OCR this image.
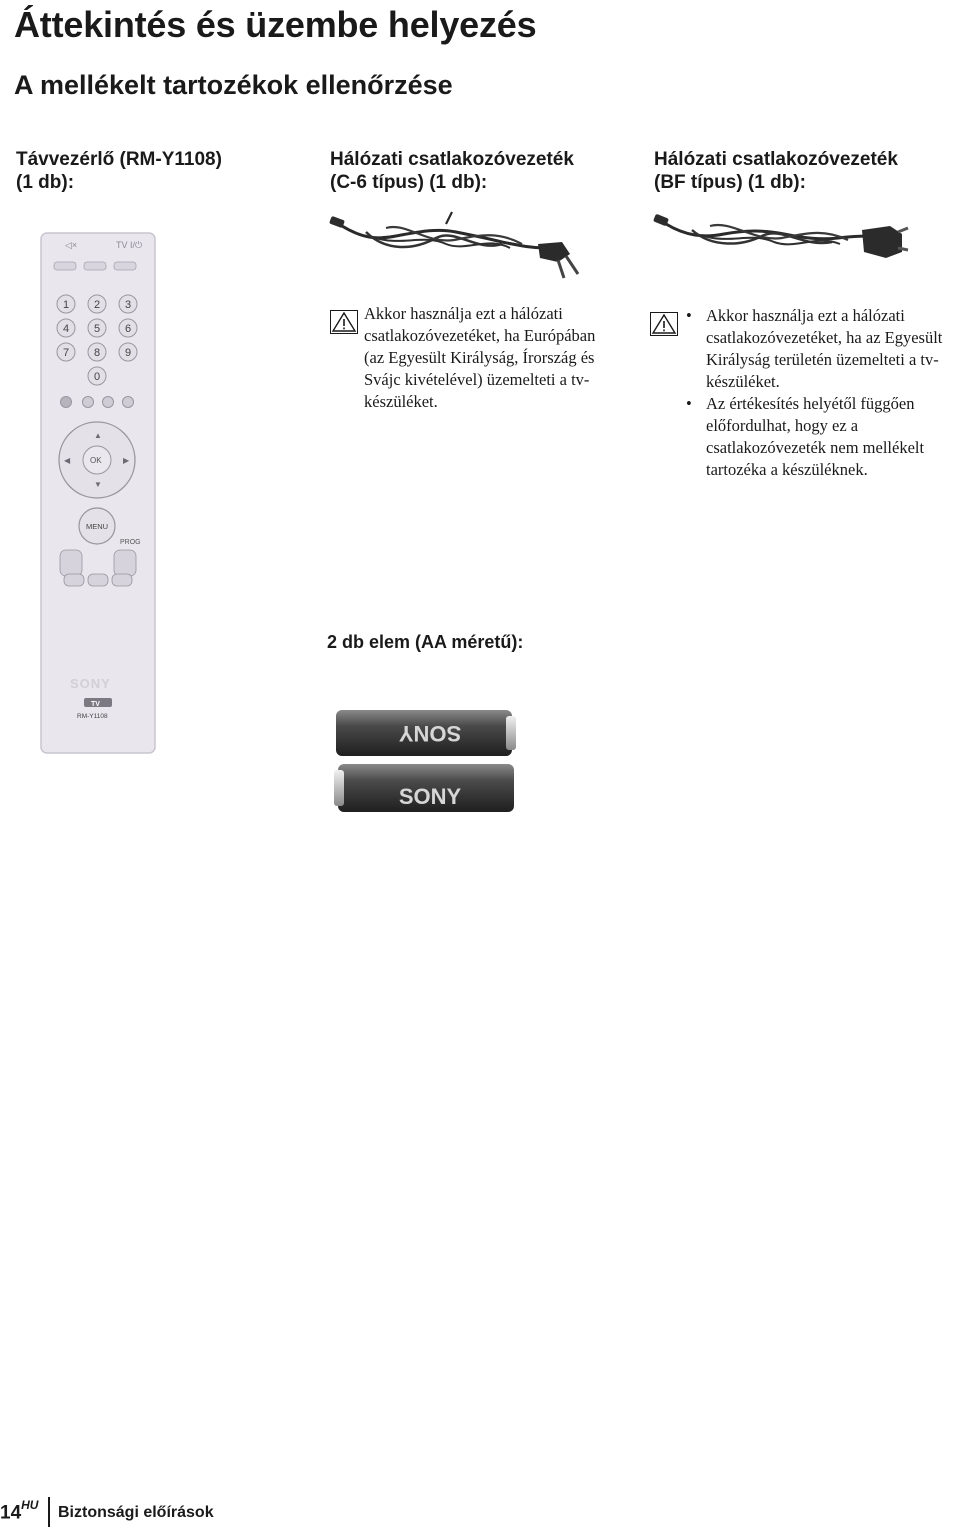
Áttekintés és üzembe helyezés
A mellékelt tartozékok ellenőrzése
Távvezérlő (RM-Y1108)
(1 db):
Hálózati csatlakozóvezeték
(C-6 típus) (1 db):
Hálózati csatlakozóvezeték
(BF típus) (1 db):
◁×	TV I/⏻
1 2 3
4 5 6
7 8 9
0
OK
▲
▼
◀	▶
MENU
PROG
SONY
TV
RM-Y1108

Akkor használja ezt a hálózati csatlakozóvezetéket, ha Európában (az Egyesült Királyság, Írország és Svájc kivételével) üzemelteti a tv-készüléket.

• Akkor használja ezt a hálózati csatlakozóvezetéket, ha az Egyesült Királyság területén üzemelteti a tv-készüléket.
• Az értékesítés helyétől függően előfordulhat, hogy ez a csatlakozóvezeték nem mellékelt tartozéka a készüléknek.
2 db elem (AA méretű):
SONY
SONY
$14^{HU}$ Biztonsági előírások
